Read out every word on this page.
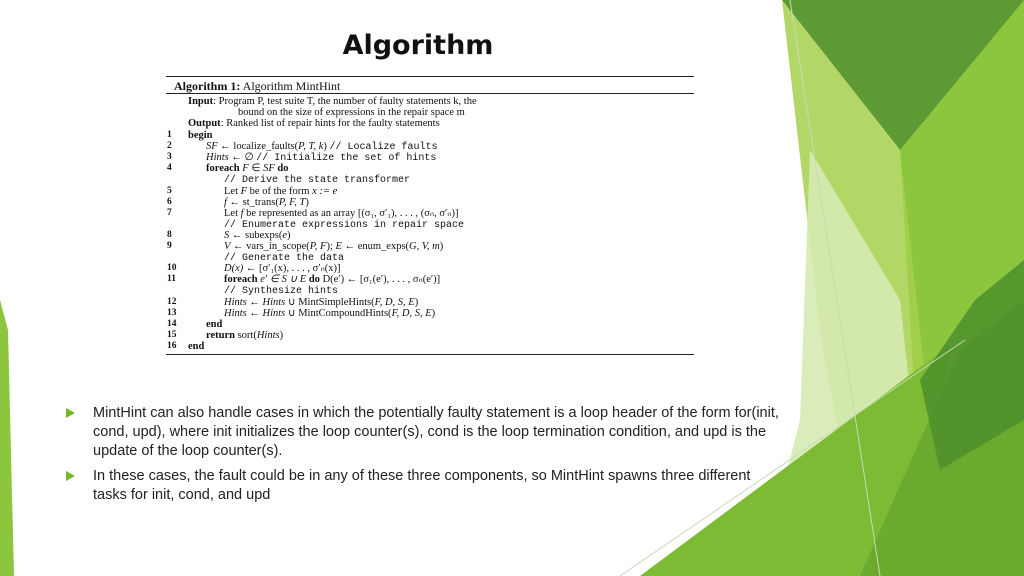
Algorithm
Algorithm 1: Algorithm MintHint
Input: Program P, test suite T, the number of faulty statements k, the
bound on the size of expressions in the repair space m
Output: Ranked list of repair hints for the faulty statements
1	begin
2	SF ← localize_faults(P, T, k) // Localize faults
3	Hints ← ∅ // Initialize the set of hints
4	foreach F ∈ SF do
// Derive the state transformer
5	Let F be of the form x := e
6	f ← st_trans(P, F, T)
7	Let f be represented as an array [(σ₁, σ′₁), . . . , (σₙ, σ′ₙ)]
// Enumerate expressions in repair space
8	S ← subexps(e)
9	V ← vars_in_scope(P, F); E ← enum_exps(G, V, m)
// Generate the data
10	D(x) ← [σ′₁(x), . . . , σ′ₙ(x)]
11	foreach e′ ∈ S ∪ E do D(e′) ← [σ₁(e′), . . . , σₙ(e′)]
// Synthesize hints
12	Hints ← Hints ∪ MintSimpleHints(F, D, S, E)
13	Hints ← Hints ∪ MintCompoundHints(F, D, S, E)
14	end
15	return sort(Hints)
16 end
MintHint can also handle cases in which the potentially faulty statement is a loop header of the form for(init, cond, upd), where init initializes the loop counter(s), cond is the loop termination condition, and upd is the update of the loop counter(s).
In these cases, the fault could be in any of these three components, so MintHint spawns three different tasks for init, cond, and upd
